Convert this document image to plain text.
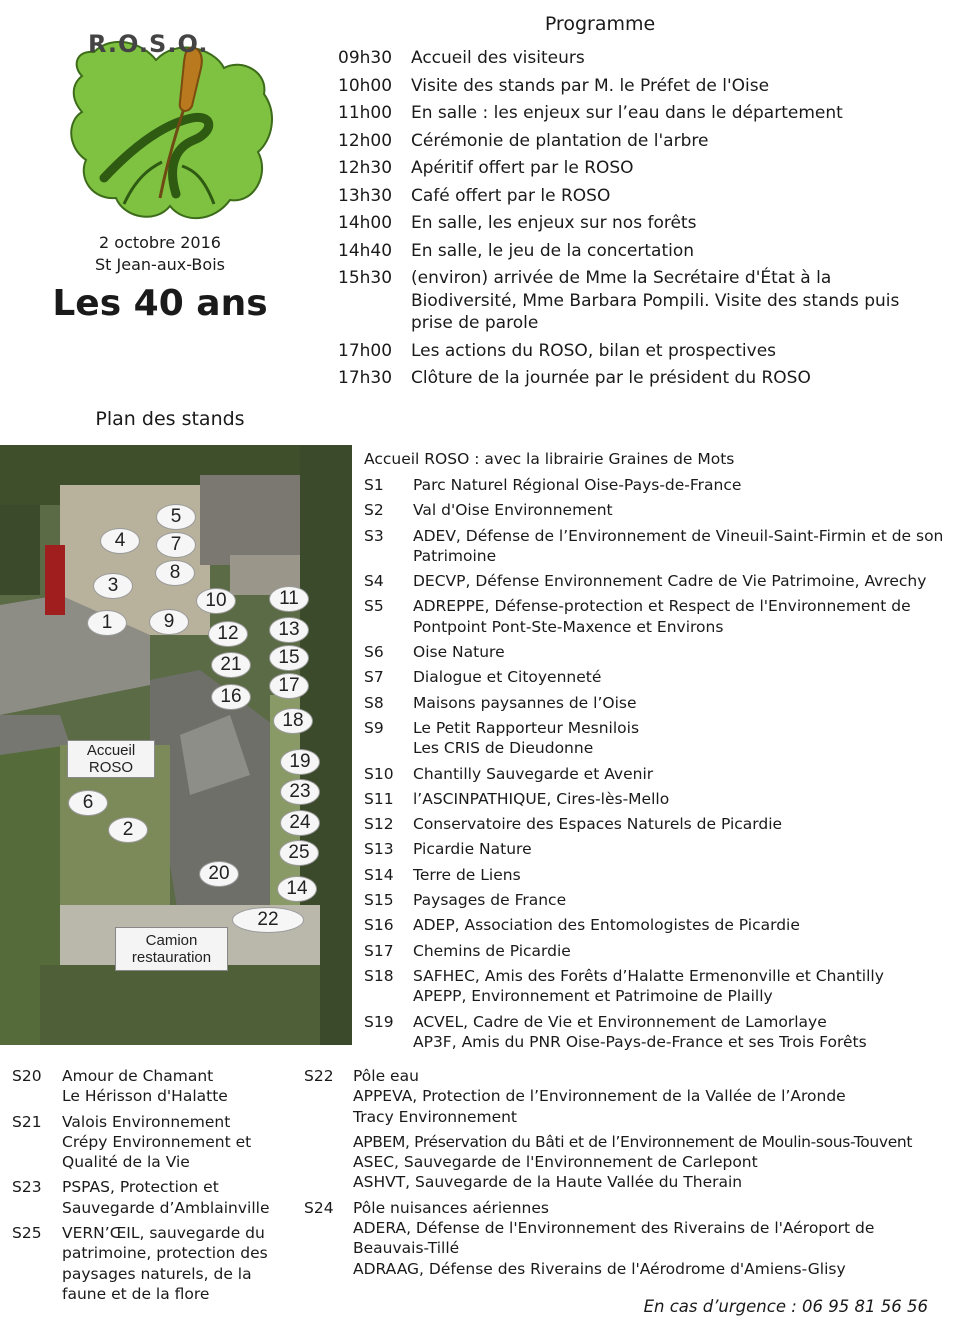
R.O.S.O.
2 octobre 2016
St Jean-aux-Bois
Les 40 ans
Plan des stands
Programme
09h30	Accueil des visiteurs
10h00	Visite des stands par M. le Préfet de l'Oise
11h00	En salle : les enjeux sur l’eau dans le département
12h00	Cérémonie de plantation de l'arbre
12h30	Apéritif offert par le ROSO
13h30	Café offert par le ROSO
14h00	En salle, les enjeux sur nos forêts
14h40	En salle, le jeu de la concertation
15h30	(environ) arrivée de Mme la Secrétaire d'État à la Biodiversité, Mme Barbara Pompili. Visite des stands puis prise de parole
17h00	Les actions du ROSO, bilan et prospectives
17h30	Clôture de la journée par le président du ROSO
Accueil ROSO
Camion restauration
1
2
3
4
5
6
7
8
9
10	11
12	13
14
15
16
17
18
19
20
21
22
23
24
25
Accueil ROSO : avec la librairie Graines de Mots
S1	Parc Naturel Régional Oise-Pays-de-France
S2	Val d'Oise Environnement
S3	ADEV, Défense de l’Environnement de Vineuil-Saint-Firmin et de son Patrimoine
S4	DECVP, Défense Environnement Cadre de Vie Patrimoine, Avrechy
S5	ADREPPE, Défense-protection et Respect de l'Environnement de Pontpoint Pont-Ste-Maxence et Environs
S6	Oise Nature
S7	Dialogue et Citoyenneté
S8	Maisons paysannes de l’Oise
S9	Le Petit Rapporteur Mesnilois
Les CRIS de Dieudonne
S10	Chantilly Sauvegarde et Avenir
S11	l’ASCINPATHIQUE, Cires-lès-Mello
S12	Conservatoire des Espaces Naturels de Picardie
S13	Picardie Nature
S14	Terre de Liens
S15	Paysages de France
S16	ADEP, Association des Entomologistes de Picardie
S17	Chemins de Picardie
S18	SAFHEC, Amis des Forêts d’Halatte Ermenonville et Chantilly
APEPP, Environnement et Patrimoine de Plailly
S19	ACVEL, Cadre de Vie et Environnement de Lamorlaye
AP3F, Amis du PNR Oise-Pays-de-France et ses Trois Forêts
S20	Amour de Chamant
Le Hérisson d'Halatte
S21	Valois Environnement
Crépy Environnement et Qualité de la Vie
S23	PSPAS, Protection et Sauvegarde d’Amblainville
S25	VERN’ŒIL, sauvegarde du patrimoine, protection des paysages naturels, de la faune et de la flore
S22	Pôle eau
APPEVA, Protection de l’Environnement de la Vallée de l’Aronde
Tracy Environnement
APBEM, Préservation du Bâti et de l’Environnement de Moulin-sous-Touvent
ASEC, Sauvegarde de l'Environnement de Carlepont
ASHVT, Sauvegarde de la Haute Vallée du Therain
S24	Pôle nuisances aériennes
ADERA, Défense de l'Environnement des Riverains de l'Aéroport de Beauvais-Tillé
ADRAAG, Défense des Riverains de l'Aérodrome d'Amiens-Glisy
En cas d’urgence : 06 95 81 56 56
